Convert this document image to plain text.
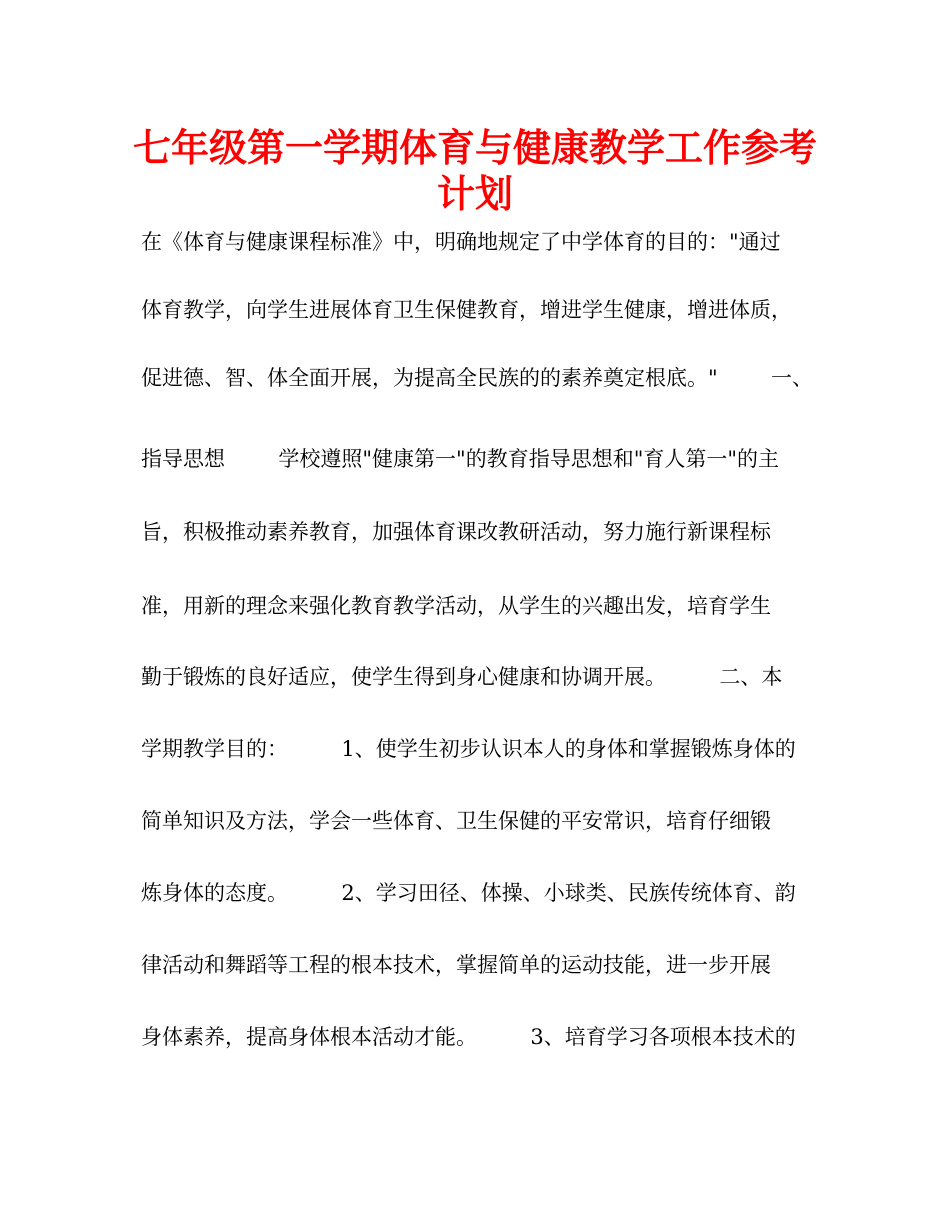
七年级第一学期体育与健康教学工作参考
计划
在《体育与健康课程标准》中，明确地规定了中学体育的目的："通过
体育教学，向学生进展体育卫生保健教育，增进学生健康，增进体质，
促进德、智、体全面开展，为提高全民族的的素养奠定根底。"        一、
指导思想        学校遵照"健康第一"的教育指导思想和"育人第一"的主
旨，积极推动素养教育，加强体育课改教研活动，努力施行新课程标
准，用新的理念来强化教育教学活动，从学生的兴趣出发，培育学生
勤于锻炼的良好适应，使学生得到身心健康和协调开展。        二、本
学期教学目的：        1、使学生初步认识本人的身体和掌握锻炼身体的
简单知识及方法，学会一些体育、卫生保健的平安常识，培育仔细锻
炼身体的态度。        2、学习田径、体操、小球类、民族传统体育、韵
律活动和舞蹈等工程的根本技术，掌握简单的运动技能，进一步开展
身体素养，提高身体根本活动才能。        3、培育学习各项根本技术的
